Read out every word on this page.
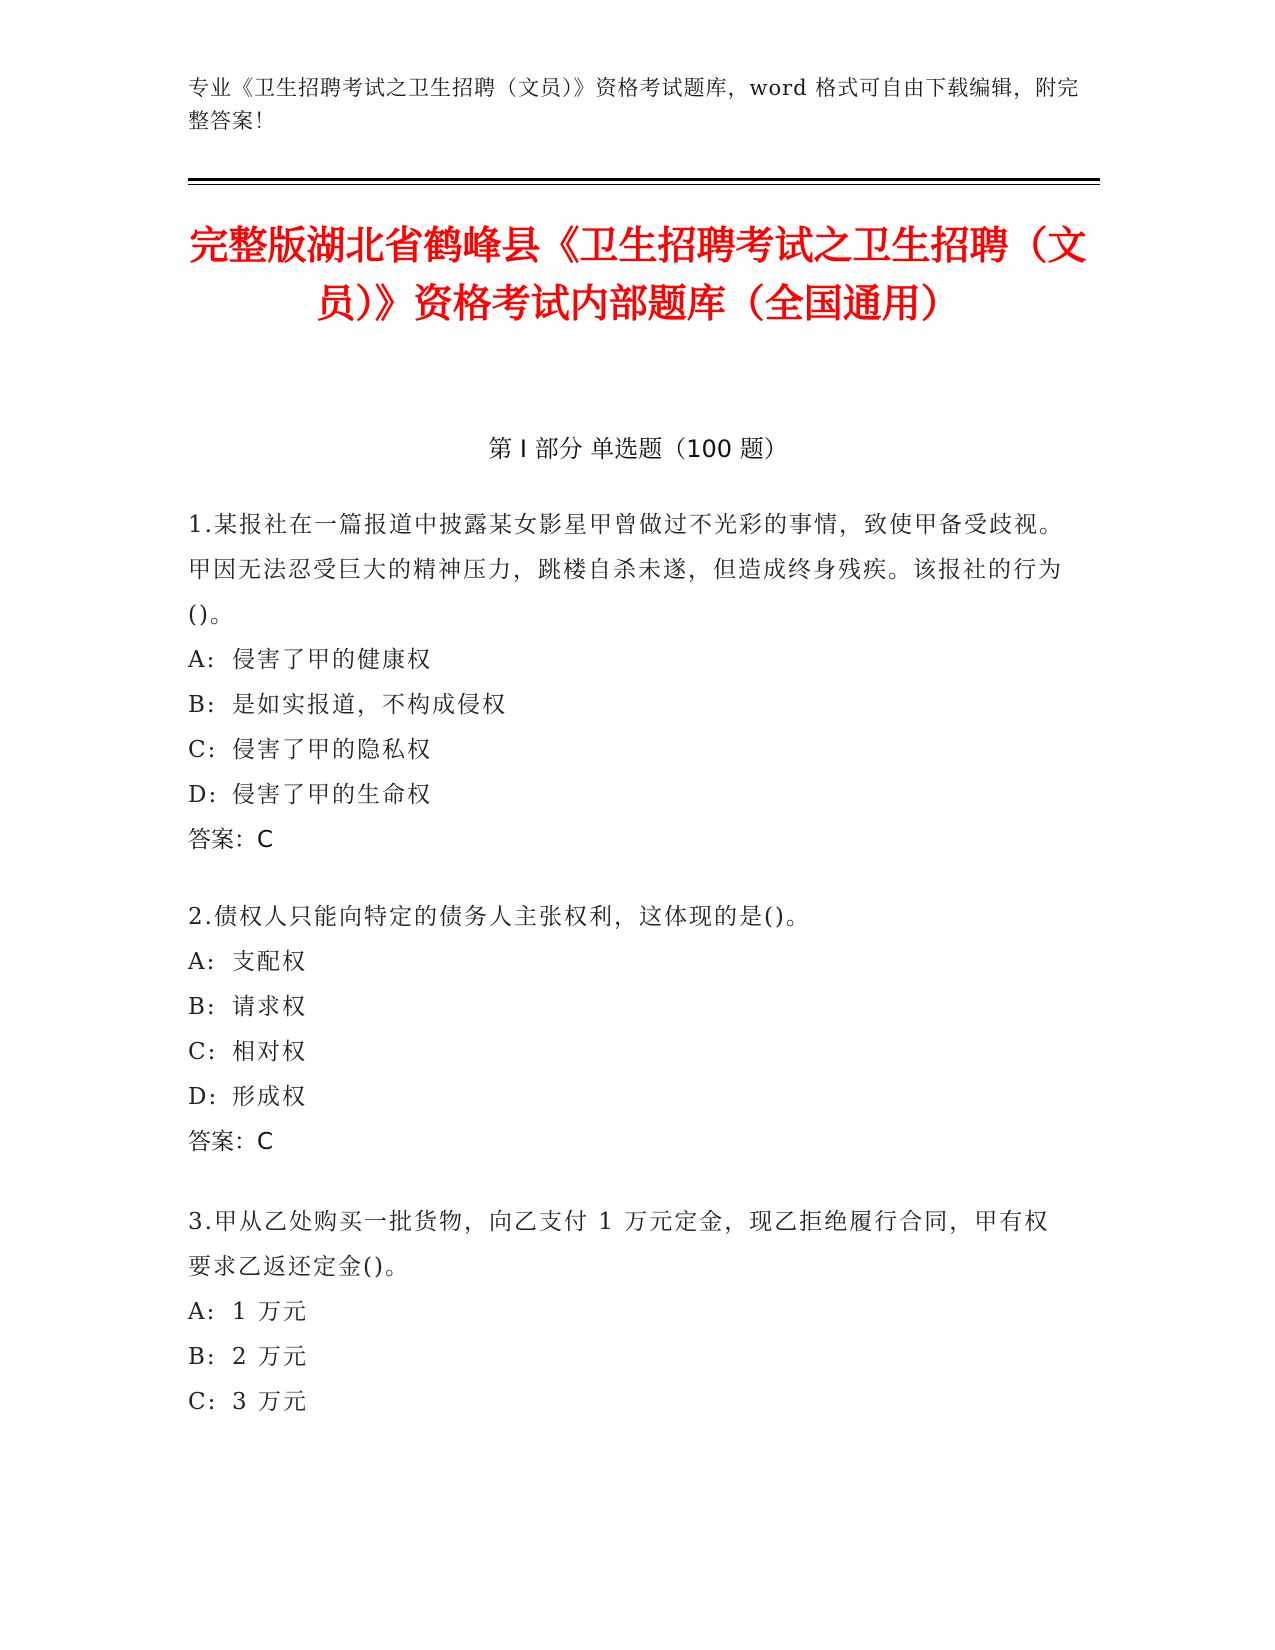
专业《卫生招聘考试之卫生招聘（文员）》资格考试题库，word 格式可自由下载编辑，附完整答案！
完整版湖北省鹤峰县《卫生招聘考试之卫生招聘（文员）》资格考试内部题库（全国通用）
第 I 部分 单选题（100 题）
1.某报社在一篇报道中披露某女影星甲曾做过不光彩的事情，致使甲备受歧视。甲因无法忍受巨大的精神压力，跳楼自杀未遂，但造成终身残疾。该报社的行为()。
A: 侵害了甲的健康权
B: 是如实报道，不构成侵权
C: 侵害了甲的隐私权
D: 侵害了甲的生命权
答案：C
2.债权人只能向特定的债务人主张权利，这体现的是()。
A: 支配权
B: 请求权
C: 相对权
D: 形成权
答案：C
3.甲从乙处购买一批货物，向乙支付 1 万元定金，现乙拒绝履行合同，甲有权要求乙返还定金()。
A: 1 万元
B: 2 万元
C: 3 万元
